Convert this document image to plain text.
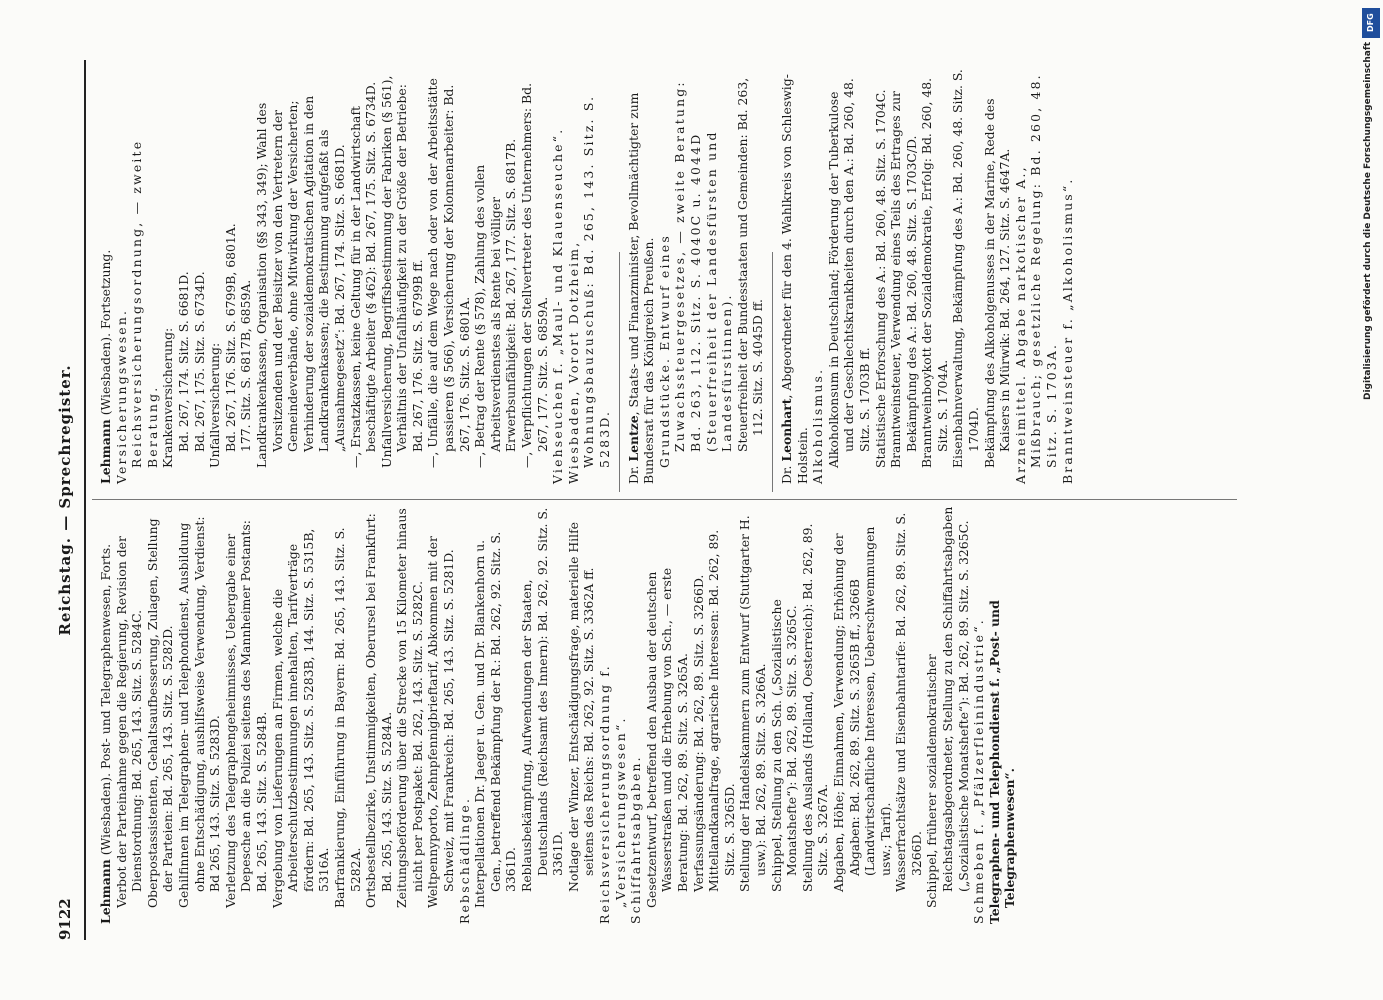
9122
Reichstag. — Sprechregister.
Lehmann (Wiesbaden). Post- und Telegraphenwesen, Forts. Verbot der Parteinahme gegen die Regierung, Revision der Dienstordnung: Bd. 265, 143. Sitz. S. 5284C. Oberpostassistenten, Gehaltsaufbesserung, Zulagen, Stellung der Parteien: Bd. 265, 143. Sitz. S. 5282D. Gehilfinnen im Telegraphen- und Telephondienst, Ausbildung ohne Entschädigung, aushilfsweise Verwendung, Verdienst: Bd 265, 143. Sitz. S. 5283D. Verletzung des Telegraphengeheimnisses, Uebergabe einer Depesche an die Polizei seitens des Mannheimer Postamts: Bd. 265, 143. Sitz. S. 5284B. Vergebung von Lieferungen an Firmen, welche die Arbeiterschutzbestimmungen innehalten, Tarifverträge fördern: Bd. 265, 143. Sitz. S. 5283B, 144. Sitz. S. 5315B, 5316A. Barfrankierung, Einführung in Bayern: Bd. 265, 143. Sitz. S. 5282A. Ortsbestellbezirke, Unstimmigkeiten, Oberursel bei Frankfurt: Bd. 265, 143. Sitz. S. 5284A. Zeitungsbeförderung über die Strecke von 15 Kilometer hinaus nicht per Postpaket: Bd. 262, 143. Sitz. S. 5282C. Weltpennyporto, Zehnpfennigbrieftarif, Abkommen mit der Schweiz, mit Frankreich: Bd. 265, 143. Sitz. S. 5281D. Rebschädlinge. Interpellationen Dr. Jaeger u. Gen. und Dr. Blankenhorn u. Gen., betreffend Bekämpfung der R.: Bd. 262, 92. Sitz. S. 3361D. Reblausbekämpfung, Aufwendungen der Staaten, Deutschlands (Reichsamt des Innern): Bd. 262, 92. Sitz. S. 3361D. Notlage der Winzer, Entschädigungsfrage, materielle Hilfe seitens des Reichs: Bd. 262, 92. Sitz. S. 3362A ff. Reichsversicherungsordnung f. „Versicherungswesen“. Schiffahrtsabgaben. Gesetzentwurf, betreffend den Ausbau der deutschen Wasserstraßen und die Erhebung von Sch., — erste Beratung: Bd. 262, 89. Sitz. S. 3265A. Verfassungsänderung: Bd. 262, 89. Sitz. S. 3266D. Mittellandkanalfrage, agrarische Interessen: Bd. 262, 89. Sitz. S. 3265D. Stellung der Handelskammern zum Entwurf (Stuttgarter H. usw.): Bd. 262, 89. Sitz. S. 3266A. Schippel, Stellung zu den Sch. („Sozialistische Monatshefte“): Bd. 262, 89. Sitz. S. 3265C. Stellung des Auslands (Holland, Oesterreich): Bd. 262, 89. Sitz. S. 3267A. Abgaben, Höhe; Einnahmen, Verwendung; Erhöhung der Abgaben: Bd. 262, 89. Sitz. S. 3265B ff., 3266B (Landwirtschaftliche Interessen, Ueberschwemmungen usw.; Tarif). Wasserfrachtsätze und Eisenbahntarife: Bd. 262, 89. Sitz. S. 3266D. Schippel, früherer sozialdemokratischer Reichstagsabgeordneter, Stellung zu den Schiffahrtsabgaben („Sozialistische Monatshefte“): Bd. 262, 89. Sitz. S. 3265C. Schmeben f. „Pfälzerfleinindustrie“. Telegraphen- und Telephondienst f. „Post- und Telegraphenwesen“.

Lehmann (Wiesbaden). Fortsetzung. Versicherungswesen. Reichsversicherungsordnung, — zweite Beratung. Krankenversicherung: Bd. 267, 174. Sitz. S. 6681D. Bd. 267, 175. Sitz. S. 6734D. Unfallversicherung: Bd. 267, 176. Sitz. S. 6799B, 6801A. 177. Sitz. S. 6817B, 6859A. Landkrankenkassen, Organisation (§§ 343, 349); Wahl des Vorsitzenden und der Beisitzer von den Vertretern der Gemeindeverbände, ohne Mitwirkung der Versicherten; Verhinderung der sozialdemokratischen Agitation in den Landkrankenkassen; die Bestimmung aufgefaßt als „Ausnahmegesetz“: Bd. 267, 174. Sitz. S. 6681D. —, Ersatzkassen, keine Geltung für in der Landwirtschaft beschäftigte Arbeiter (§ 462): Bd. 267, 175. Sitz. S. 6734D. Unfallversicherung, Begriffsbestimmung der Fabriken (§ 561), Verhältnis der Unfallhäufigkeit zu der Größe der Betriebe: Bd. 267, 176. Sitz. S. 6799B ff. —, Unfälle, die auf dem Wege nach oder von der Arbeitsstätte passieren (§ 566), Versicherung der Kolonnenarbeiter: Bd. 267, 176. Sitz. S. 6801A. —, Betrag der Rente (§ 578), Zahlung des vollen Arbeitsverdienstes als Rente bei völliger Erwerbsunfähigkeit: Bd. 267, 177. Sitz. S. 6817B. —, Verpflichtungen der Stellvertreter des Unternehmers: Bd. 267, 177. Sitz. S. 6859A. Viehseuchen f. „Maul- und Klauenseuche“. Wiesbaden, Vorort Dotzheim, Wohnungsbauzuschuß: Bd. 265, 143. Sitz. S. 5283D.

Dr. Lentze, Staats- und Finanzminister, Bevollmächtigter zum Bundesrat für das Königreich Preußen. Grundstücke. Entwurf eines Zuwachssteuergesetzes, — zweite Beratung: Bd. 263, 112. Sitz. S. 4040C u. 4044D (Steuerfreiheit der Landesfürsten und Landesfürstinnen). Steuerfreiheit der Bundesstaaten und Gemeinden: Bd. 263, 112. Sitz. S. 4045D ff.

Dr. Leonhart, Abgeordneter für den 4. Wahlkreis von Schleswig-Holstein. Alkoholismus. Alkoholkonsum in Deutschland; Förderung der Tuberkulose und der Geschlechtskrankheiten durch den A.: Bd. 260, 48. Sitz. S. 1703B ff. Statistische Erforschung des A.: Bd. 260, 48. Sitz. S. 1704C. Branntweinsteuer, Verwendung eines Teils des Ertrages zur Bekämpfung des A.: Bd. 260, 48. Sitz. S. 1703C/D. Branntweinboykott der Sozialdemokratie, Erfolg: Bd. 260, 48. Sitz. S. 1704A. Eisenbahnverwaltung, Bekämpfung des A.: Bd. 260, 48. Sitz. S. 1704D. Bekämpfung des Alkoholgenusses in der Marine, Rede des Kaisers in Mürwik: Bd. 264, 127. Sitz. S. 4647A. Arzneimittel. Abgabe narkotischer A., Mißbrauch; gesetzliche Regelung: Bd. 260, 48. Sitz. S. 1703A. Branntweinsteuer f. „Alkoholismus“.

DFG
Digitalisierung gefördert durch die Deutsche Forschungsgemeinschaft
